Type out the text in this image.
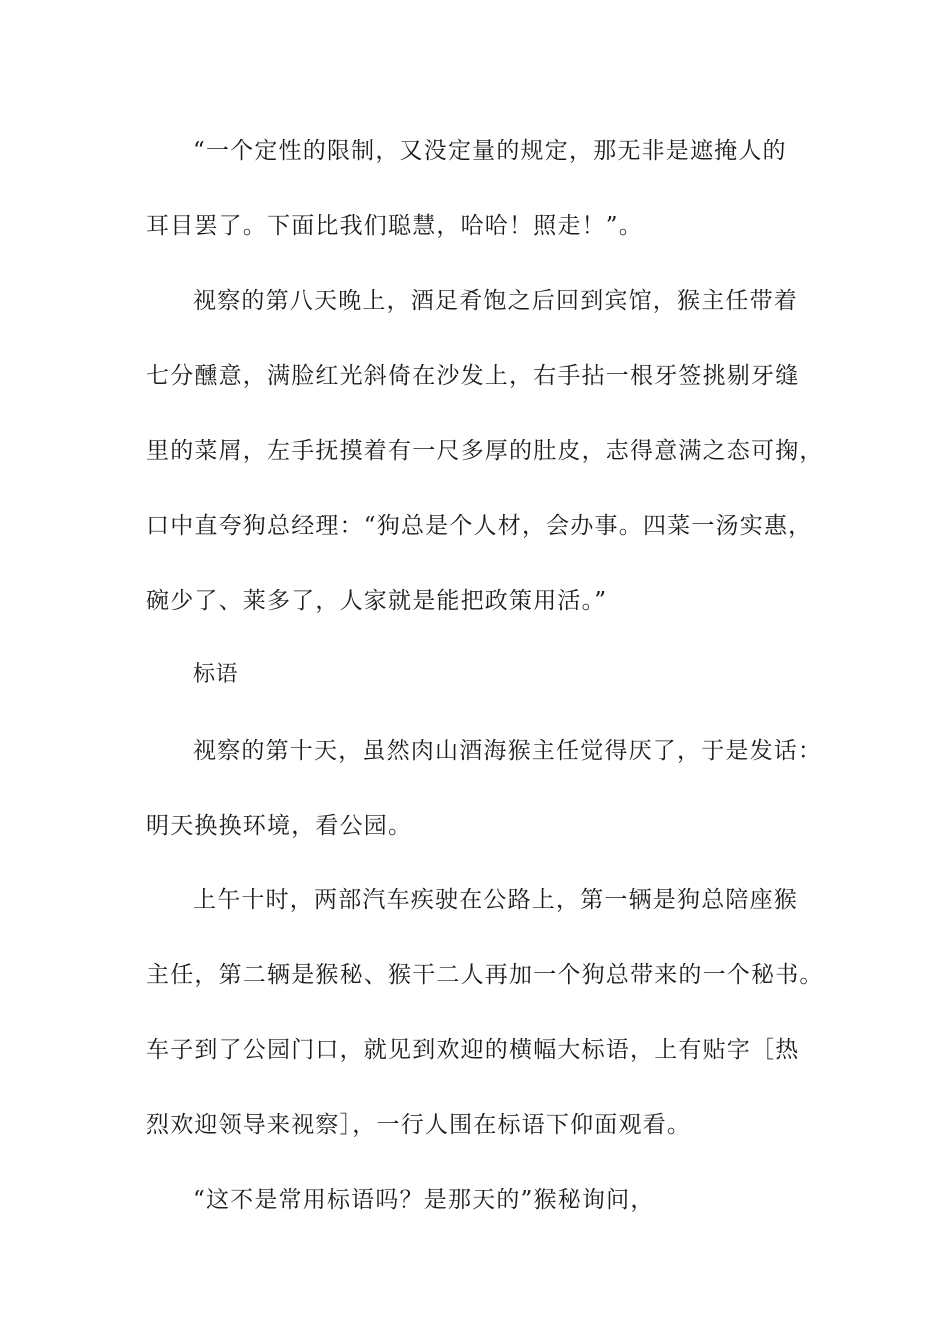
“一个定性的限制，又没定量的规定，那无非是遮掩人的
耳目罢了。下面比我们聪慧，哈哈！照走！”。
视察的第八天晚上，酒足肴饱之后回到宾馆，猴主任带着
七分醺意，满脸红光斜倚在沙发上，右手拈一根牙签挑剔牙缝
里的菜屑，左手抚摸着有一尺多厚的肚皮，志得意满之态可掬，
口中直夸狗总经理：“狗总是个人材，会办事。四菜一汤实惠，
碗少了、莱多了，人家就是能把政策用活。”
标语
视察的第十天，虽然肉山酒海猴主任觉得厌了，于是发话：
明天换换环境，看公园。
上午十时，两部汽车疾驶在公路上，第一辆是狗总陪座猴
主任，第二辆是猴秘、猴干二人再加一个狗总带来的一个秘书。
车子到了公园门口，就见到欢迎的横幅大标语，上有贴字［热
烈欢迎领导来视察］，一行人围在标语下仰面观看。
“这不是常用标语吗？是那天的”猴秘询问，
